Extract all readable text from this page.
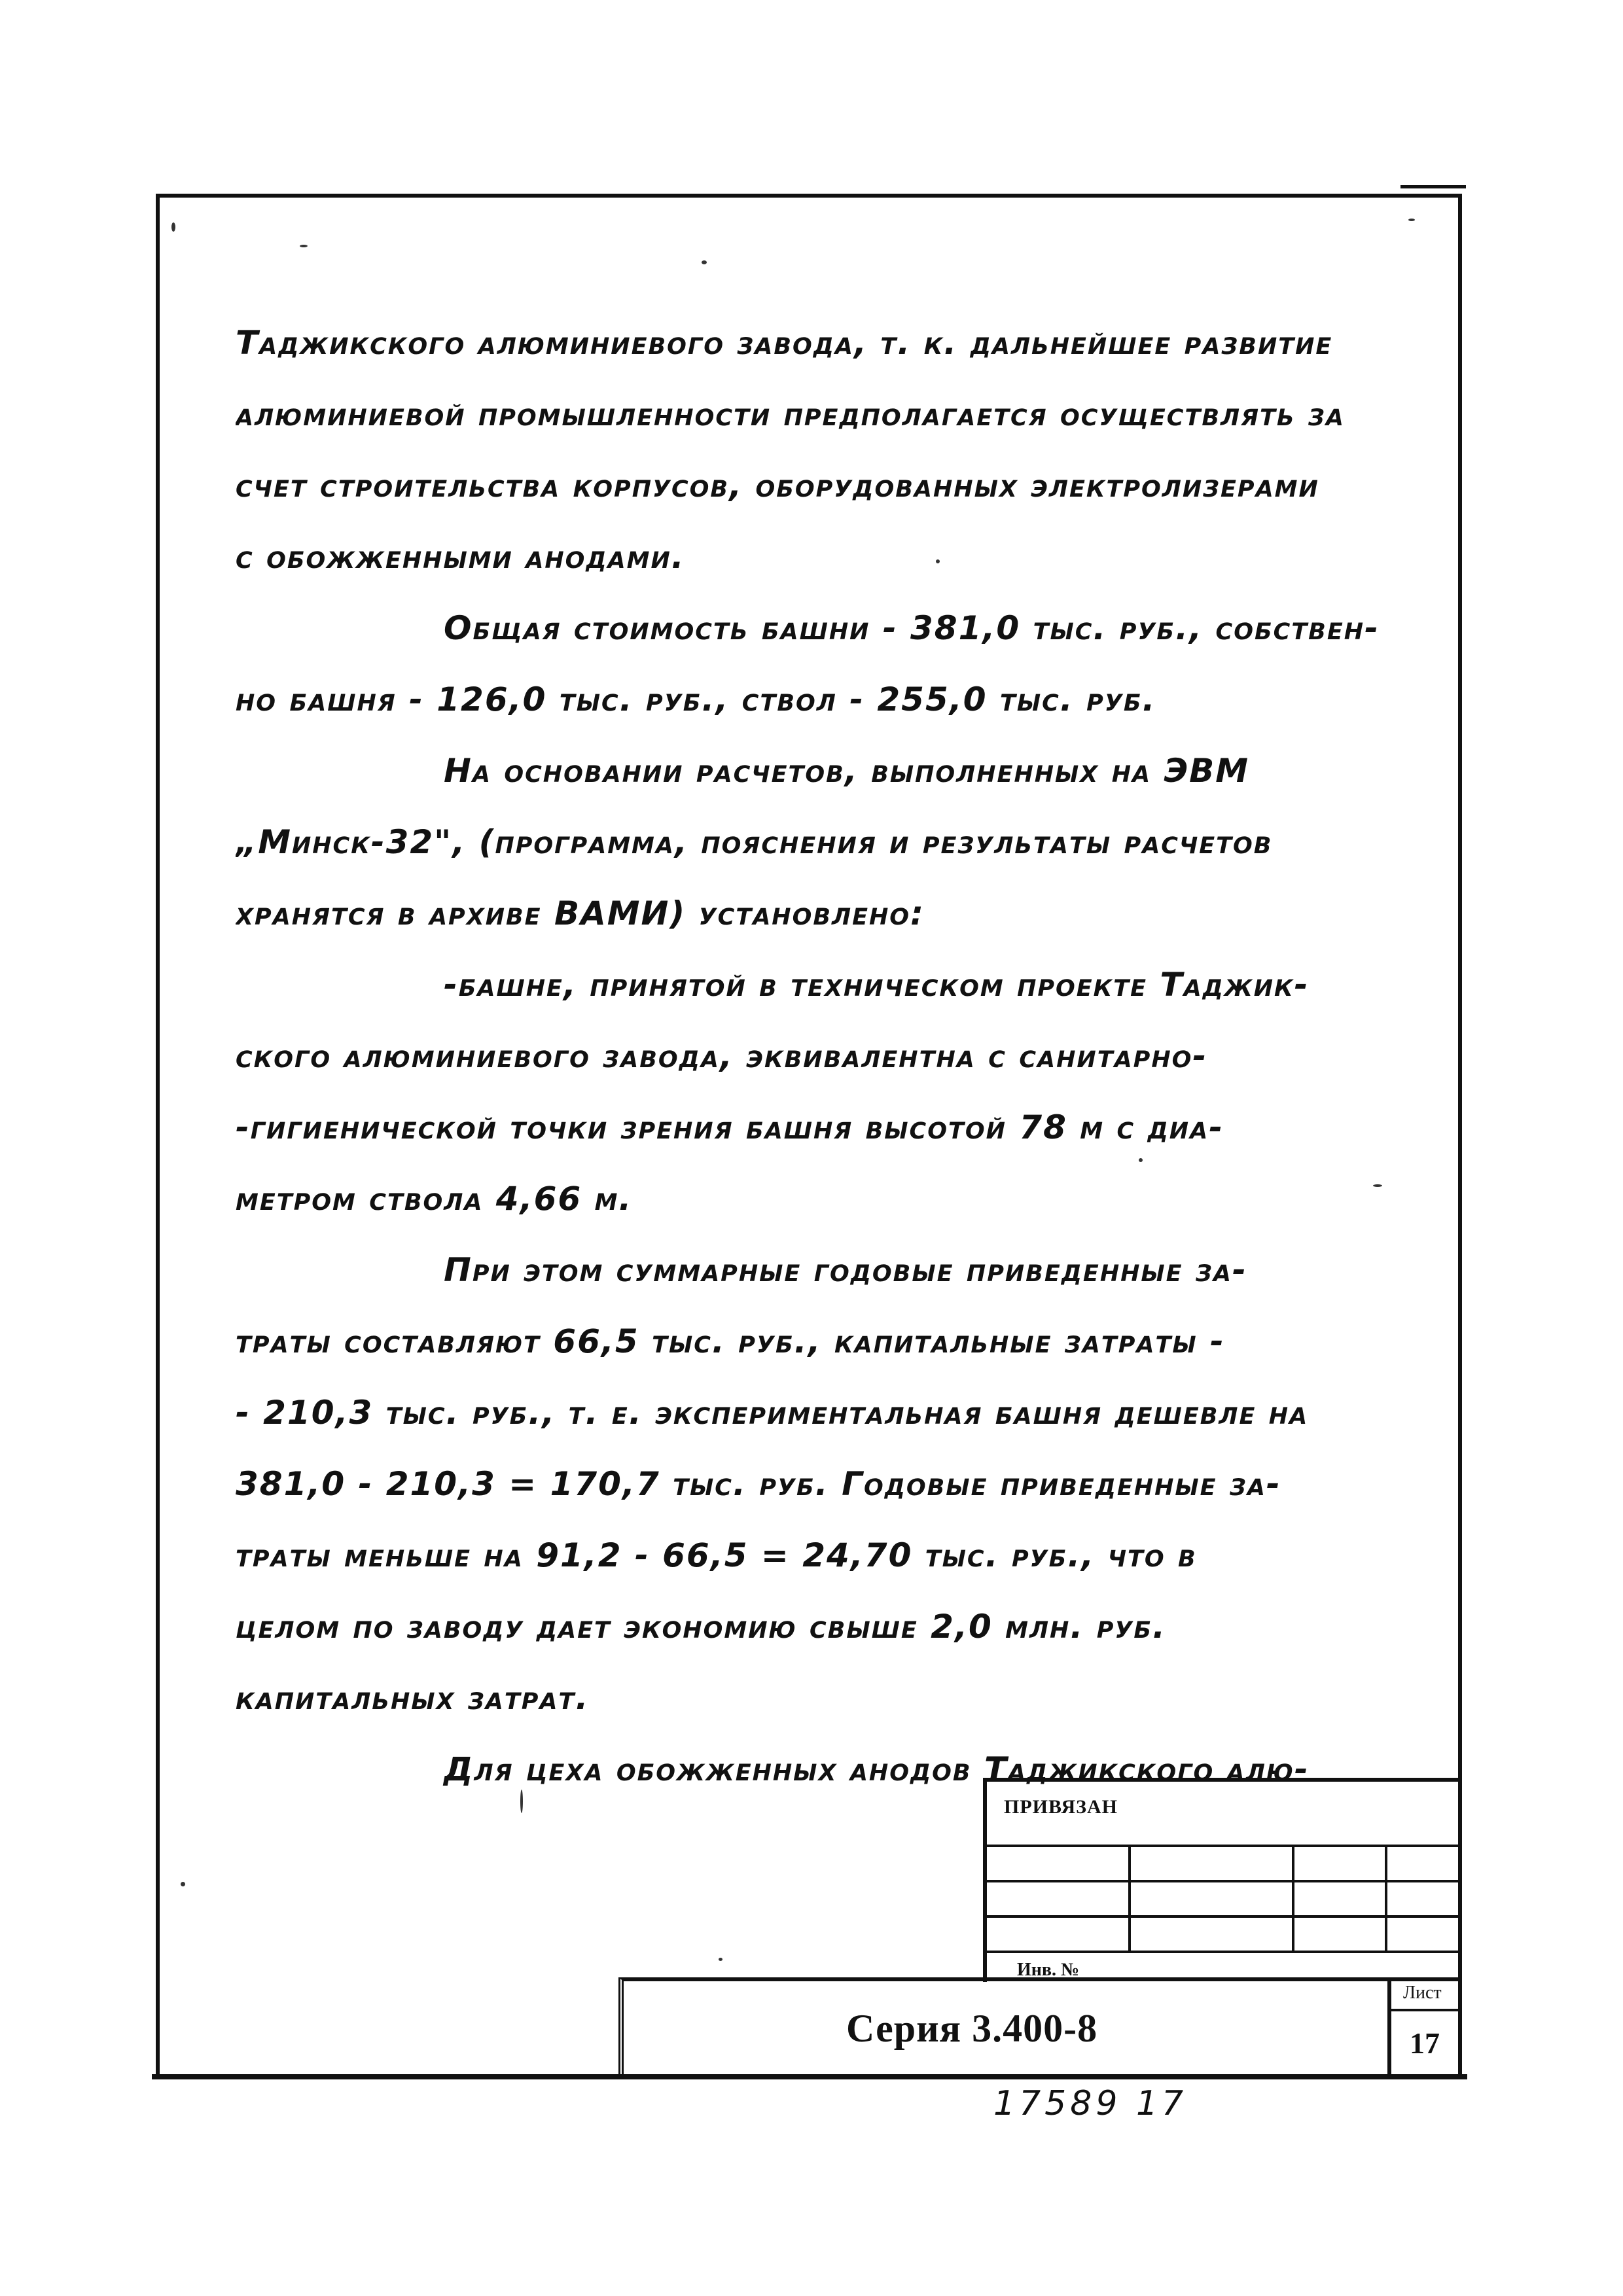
Таджикского алюминиевого завода, т. к. дальнейшее развитие
алюминиевой промышленности предполагается осуществлять за
счет строительства корпусов, оборудованных электролизерами
с обожженными анодами.
Общая стоимость башни - 381,0 тыс. руб., собствен-
но башня - 126,0 тыс. руб., ствол - 255,0 тыс. руб.
На основании расчетов, выполненных на ЭВМ
„Минск-32", (программа, пояснения и результаты расчетов
хранятся в архиве ВАМИ) установлено:
-башне, принятой в техническом проекте Таджик-
ского алюминиевого завода, эквивалентна с санитарно-
-гигиенической точки зрения башня высотой 78 м с диа-
метром ствола 4,66 м.
При этом суммарные годовые приведенные за-
траты составляют 66,5 тыс. руб., капитальные затраты -
- 210,3 тыс. руб., т. е. экспериментальная башня дешевле на
381,0 - 210,3 = 170,7 тыс. руб. Годовые приведенные за-
траты меньше на 91,2 - 66,5 = 24,70 тыс. руб., что в
целом по заводу дает экономию свыше 2,0 млн. руб.
капитальных затрат.
Для цеха обожженных анодов Таджикского алю-
ПРИВЯЗАН
Инв. №
Серия 3.400-8
Лист
17
17589 17
